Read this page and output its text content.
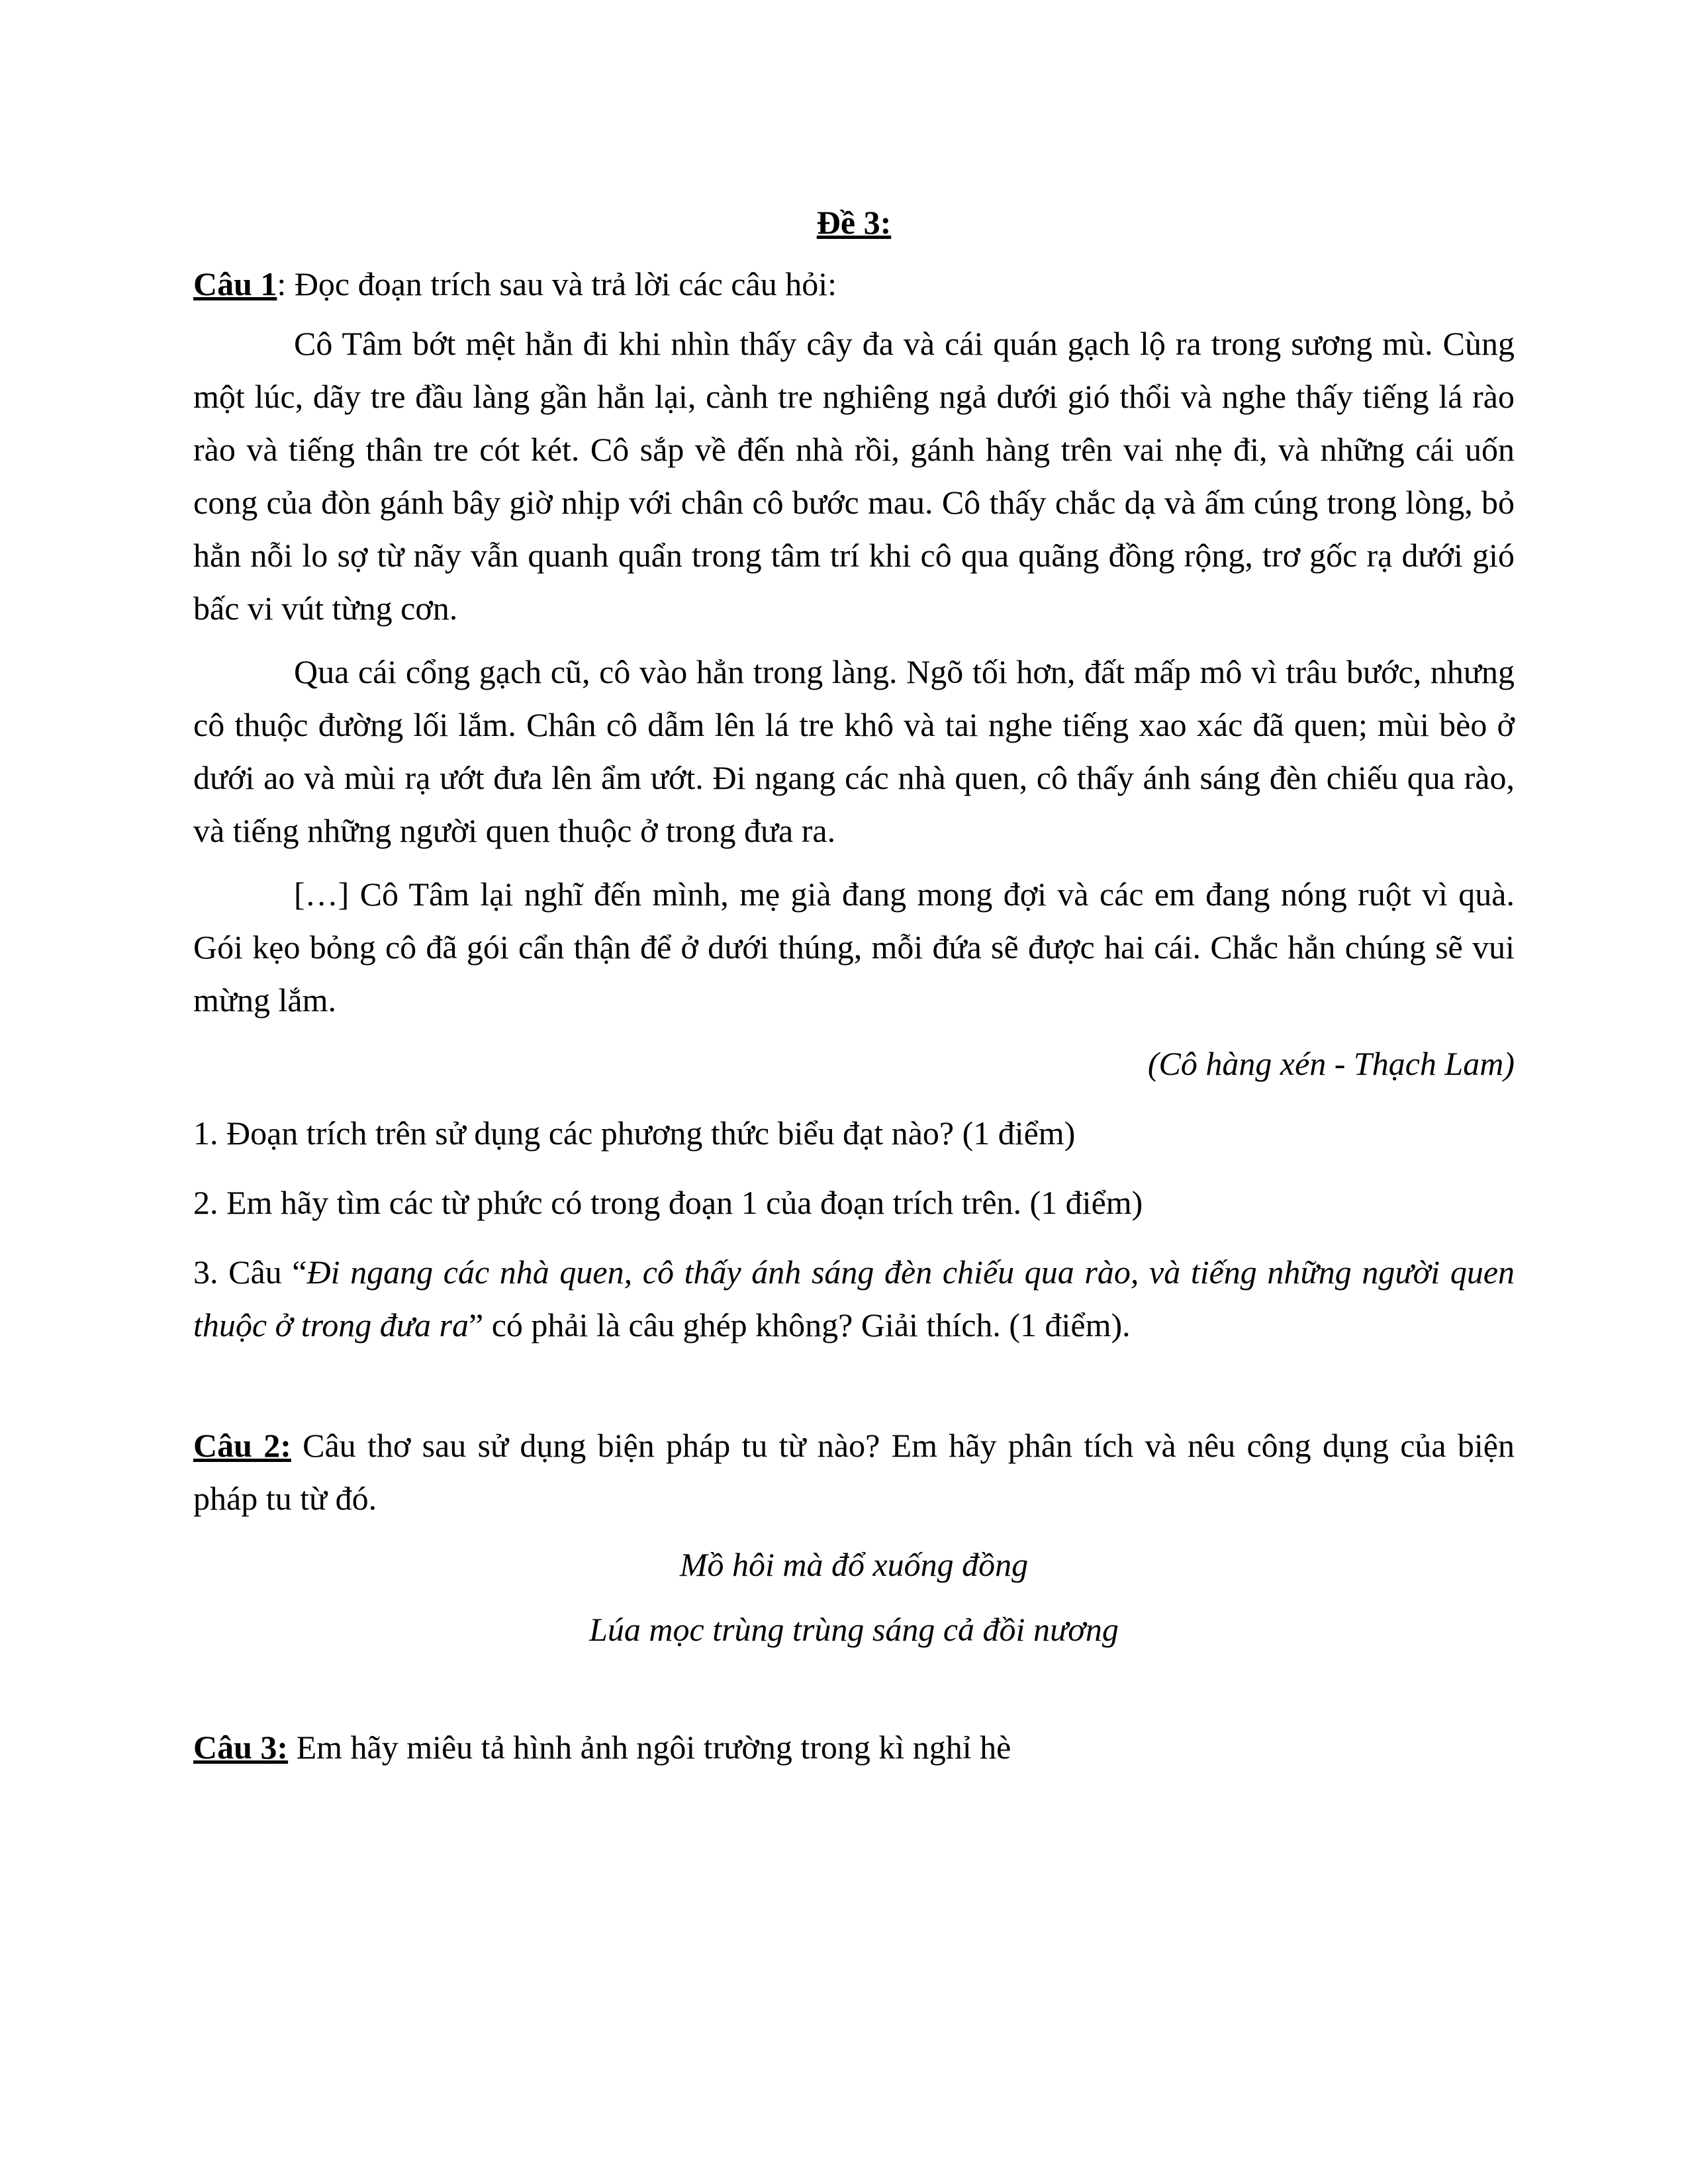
Đề 3:

Câu 1: Đọc đoạn trích sau và trả lời các câu hỏi:

Cô Tâm bớt mệt hẳn đi khi nhìn thấy cây đa và cái quán gạch lộ ra trong sương mù. Cùng một lúc, dãy tre đầu làng gần hẳn lại, cành tre nghiêng ngả dưới gió thổi và nghe thấy tiếng lá rào rào và tiếng thân tre cót két. Cô sắp về đến nhà rồi, gánh hàng trên vai nhẹ đi, và những cái uốn cong của đòn gánh bây giờ nhịp với chân cô bước mau. Cô thấy chắc dạ và ấm cúng trong lòng, bỏ hẳn nỗi lo sợ từ nãy vẫn quanh quẩn trong tâm trí khi cô qua quãng đồng rộng, trơ gốc rạ dưới gió bấc vi vút từng cơn.

Qua cái cổng gạch cũ, cô vào hẳn trong làng. Ngõ tối hơn, đất mấp mô vì trâu bước, nhưng cô thuộc đường lối lắm. Chân cô dẫm lên lá tre khô và tai nghe tiếng xao xác đã quen; mùi bèo ở dưới ao và mùi rạ ướt đưa lên ẩm ướt. Đi ngang các nhà quen, cô thấy ánh sáng đèn chiếu qua rào, và tiếng những người quen thuộc ở trong đưa ra.

[…] Cô Tâm lại nghĩ đến mình, mẹ già đang mong đợi và các em đang nóng ruột vì quà. Gói kẹo bỏng cô đã gói cẩn thận để ở dưới thúng, mỗi đứa sẽ được hai cái. Chắc hẳn chúng sẽ vui mừng lắm.

(Cô hàng xén - Thạch Lam)

1. Đoạn trích trên sử dụng các phương thức biểu đạt nào? (1 điểm)

2. Em hãy tìm các từ phức có trong đoạn 1 của đoạn trích trên. (1 điểm)

3. Câu “Đi ngang các nhà quen, cô thấy ánh sáng đèn chiếu qua rào, và tiếng những người quen thuộc ở trong đưa ra” có phải là câu ghép không? Giải thích. (1 điểm).

Câu 2: Câu thơ sau sử dụng biện pháp tu từ nào? Em hãy phân tích và nêu công dụng của biện pháp tu từ đó.

Mồ hôi mà đổ xuống đồng

Lúa mọc trùng trùng sáng cả đồi nương

Câu 3: Em hãy miêu tả hình ảnh ngôi trường trong kì nghỉ hè
